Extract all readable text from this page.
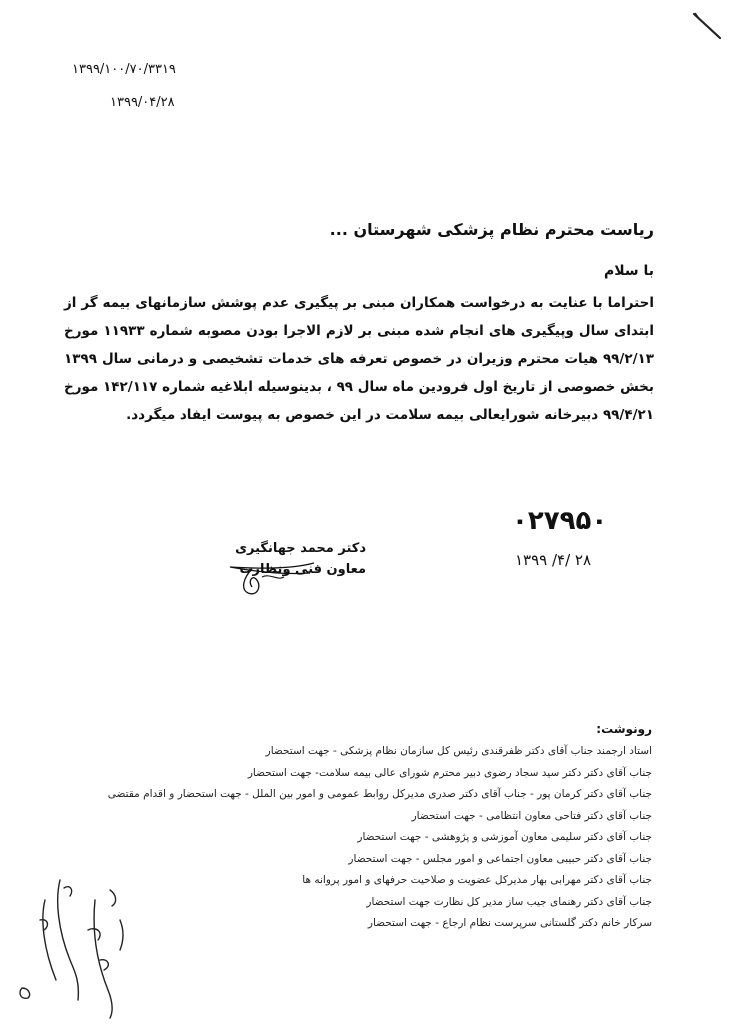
۱۳۹۹/۱۰۰/۷۰/۳۳۱۹
۱۳۹۹/۰۴/۲۸
ریاست محترم نظام پزشکی شهرستان ...
با سلام
احتراما با عنایت به درخواست همکاران مبنی بر پیگیری عدم پوشش سازمانهای بیمه گر از ابتدای سال وپیگیری های انجام شده مبنی بر لازم الاجرا بودن مصوبه شماره ۱۱۹۳۳ مورخ ۹۹/۲/۱۳ هیات محترم وزیران در خصوص تعرفه های خدمات تشخیصی و درمانی سال ۱۳۹۹ بخش خصوصی از تاریخ اول فرودین ماه سال ۹۹ ، بدینوسیله ابلاغیه شماره ۱۴۲/۱۱۷ مورخ ۹۹/۴/۲۱ دبیرخانه شورایعالی بیمه سلامت در این خصوص به پیوست ایفاد میگردد.
۰۲۷۹۵۰
۱۳۹۹ /۴/ ۲۸
دکتر محمد جهانگیری
معاون فنی ونظارت
رونوشت:
استاد ارجمند جناب آقای دکتر ظفرقندی رئیس کل سازمان نظام پزشکی - جهت استحضار
جناب آقای دکتر دکتر سید سجاد رضوی دبیر محترم شورای عالی بیمه سلامت- جهت استحضار
جناب آقای دکتر کرمان پور - جناب آقای دکتر صدری مدیرکل روابط عمومی و امور بین الملل - جهت استحضار و اقدام مقتضی
جناب آقای دکتر فتاحی معاون انتظامی - جهت استحضار
جناب آقای دکتر سلیمی معاون آموزشی و پژوهشی - جهت استحضار
جناب آقای دکتر حبیبی معاون اجتماعی و امور مجلس - جهت استحضار
جناب آقای دکتر مهرابی بهار مدیرکل عضویت و صلاحیت حرفهای و امور پروانه ها
جناب آقای دکتر رهنمای جیب ساز مدیر کل نظارت جهت استحضار
سرکار خانم دکتر گلستانی سرپرست نظام ارجاع - جهت استحضار
